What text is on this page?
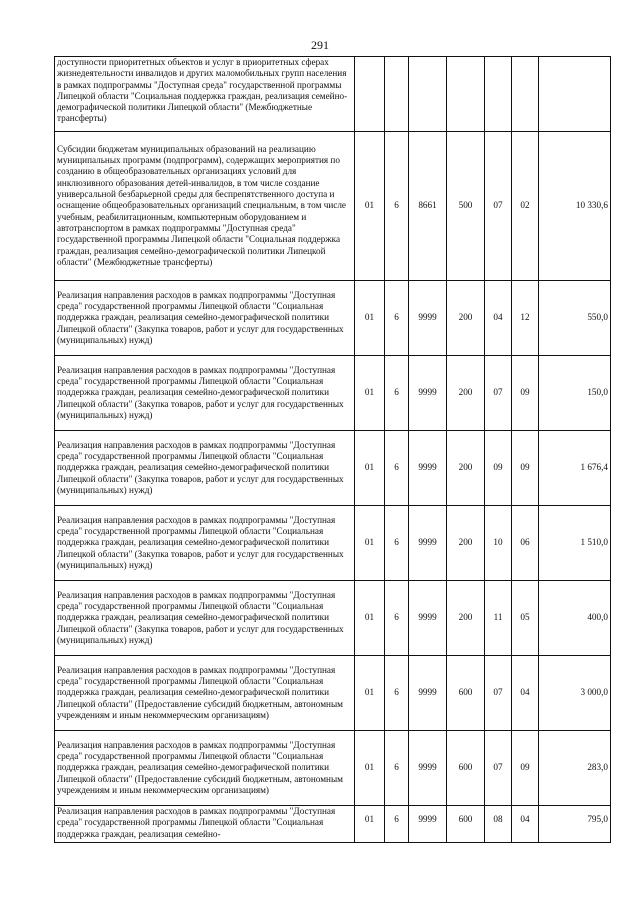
291
доступности приоритетных объектов и услуг в приоритетных сферах жизнедеятельности инвалидов и других маломобильных групп населения в рамках подпрограммы "Доступная среда" государственной программы Липецкой области "Социальная поддержка граждан, реализация семейно-демографической политики Липецкой области" (Межбюджетные трансферты)							
Субсидии бюджетам муниципальных образований на реализацию муниципальных программ (подпрограмм), содержащих мероприятия по созданию в общеобразовательных организациях условий для инклюзивного образования детей-инвалидов, в том числе создание универсальной безбарьерной среды для беспрепятственного доступа и оснащение общеобразовательных организаций специальным, в том числе учебным, реабилитационным, компьютерным оборудованием и автотранспортом в рамках подпрограммы "Доступная среда" государственной программы Липецкой области "Социальная поддержка граждан, реализация семейно-демографической политики Липецкой области" (Межбюджетные трансферты)	01	6	8661	500	07	02	10 330,6
Реализация направления расходов в рамках подпрограммы "Доступная среда" государственной программы Липецкой области "Социальная поддержка граждан, реализация семейно-демографической политики Липецкой области" (Закупка товаров, работ и услуг для государственных (муниципальных) нужд)	01	6	9999	200	04	12	550,0
Реализация направления расходов в рамках подпрограммы "Доступная среда" государственной программы Липецкой области "Социальная поддержка граждан, реализация семейно-демографической политики Липецкой области" (Закупка товаров, работ и услуг для государственных (муниципальных) нужд)	01	6	9999	200	07	09	150,0
Реализация направления расходов в рамках подпрограммы "Доступная среда" государственной программы Липецкой области "Социальная поддержка граждан, реализация семейно-демографической политики Липецкой области" (Закупка товаров, работ и услуг для государственных (муниципальных) нужд)	01	6	9999	200	09	09	1 676,4
Реализация направления расходов в рамках подпрограммы "Доступная среда" государственной программы Липецкой области "Социальная поддержка граждан, реализация семейно-демографической политики Липецкой области" (Закупка товаров, работ и услуг для государственных (муниципальных) нужд)	01	6	9999	200	10	06	1 510,0
Реализация направления расходов в рамках подпрограммы "Доступная среда" государственной программы Липецкой области "Социальная поддержка граждан, реализация семейно-демографической политики Липецкой области" (Закупка товаров, работ и услуг для государственных (муниципальных) нужд)	01	6	9999	200	11	05	400,0
Реализация направления расходов в рамках подпрограммы "Доступная среда" государственной программы Липецкой области "Социальная поддержка граждан, реализация семейно-демографической политики Липецкой области" (Предоставление субсидий бюджетным, автономным учреждениям и иным некоммерческим организациям)	01	6	9999	600	07	04	3 000,0
Реализация направления расходов в рамках подпрограммы "Доступная среда" государственной программы Липецкой области "Социальная поддержка граждан, реализация семейно-демографической политики Липецкой области" (Предоставление субсидий бюджетным, автономным учреждениям и иным некоммерческим организациям)	01	6	9999	600	07	09	283,0
Реализация направления расходов в рамках подпрограммы "Доступная среда" государственной программы Липецкой области "Социальная поддержка граждан, реализация семейно-	01	6	9999	600	08	04	795,0
